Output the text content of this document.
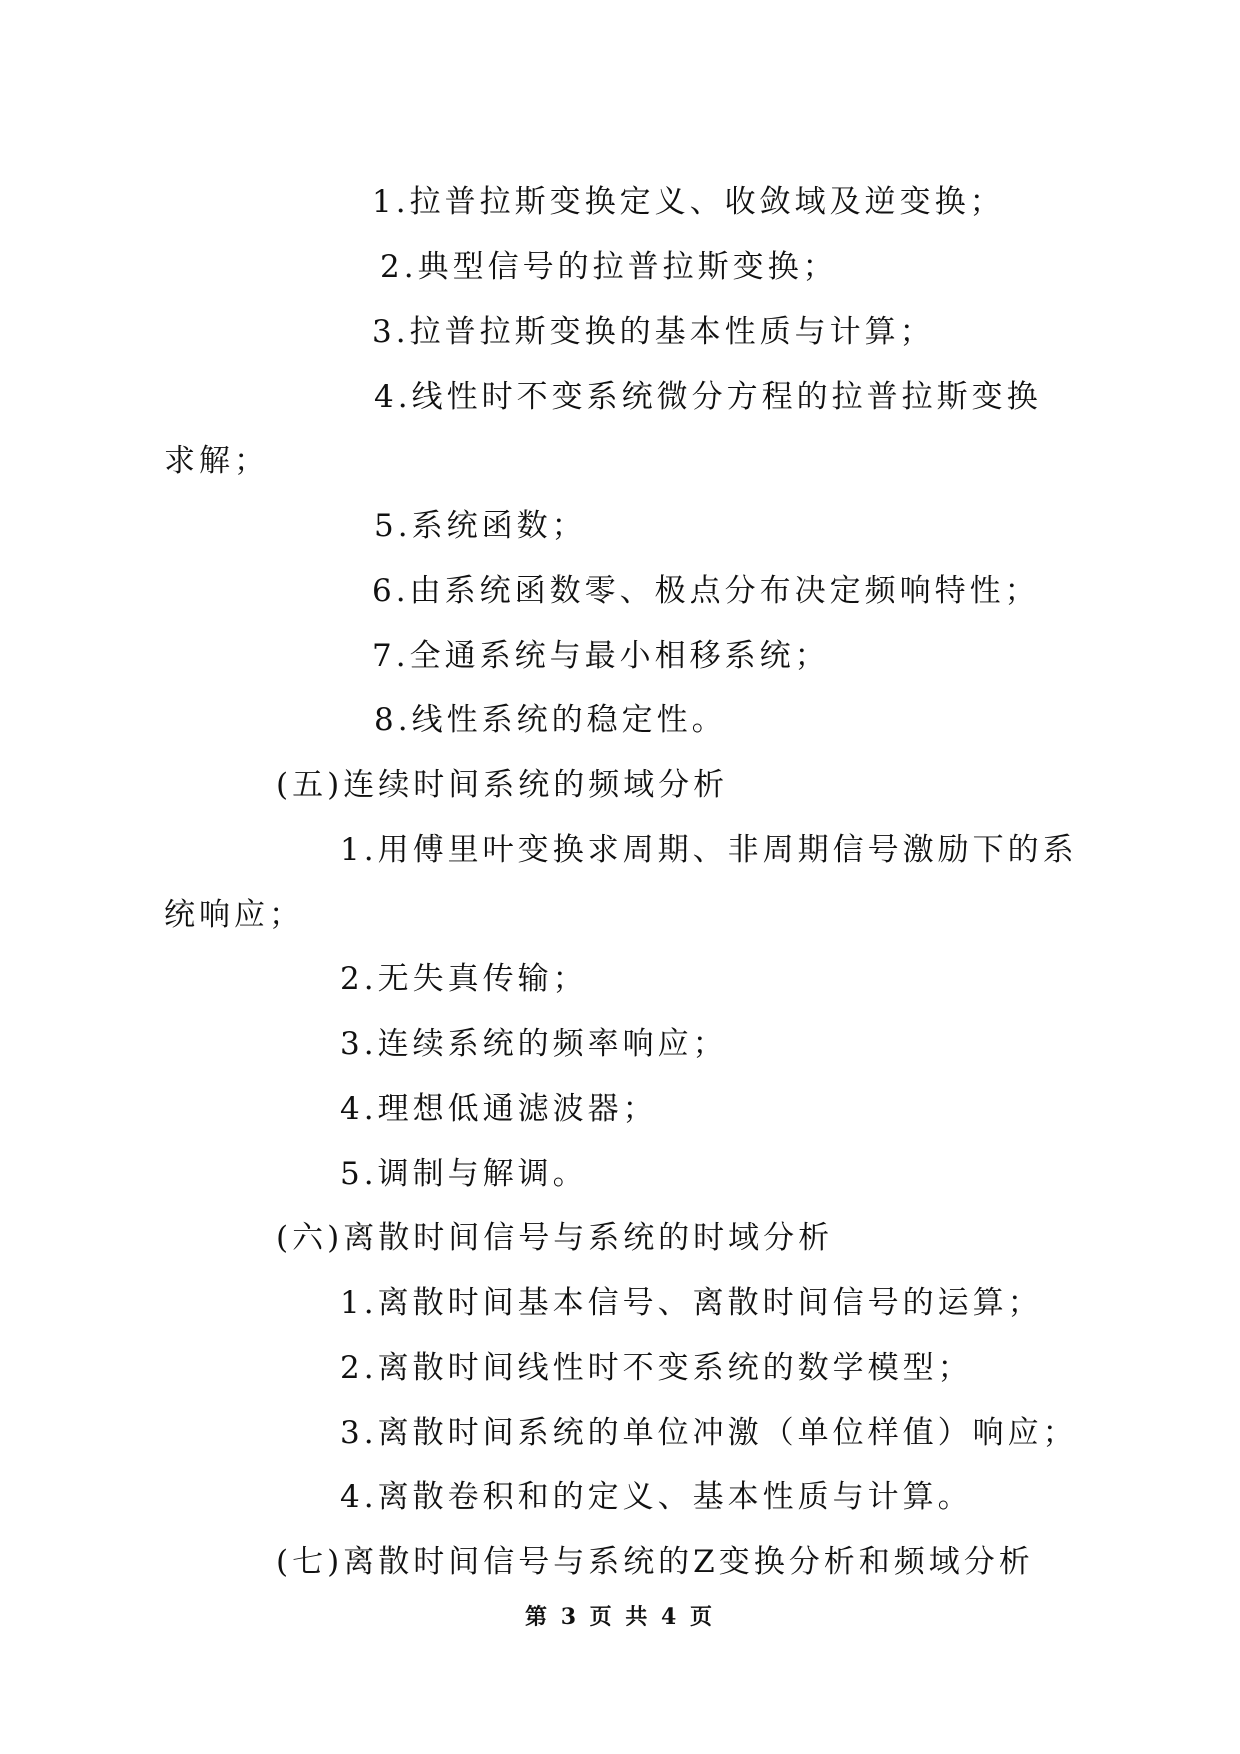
1.拉普拉斯变换定义、收敛域及逆变换；
2.典型信号的拉普拉斯变换；
3.拉普拉斯变换的基本性质与计算；
4.线性时不变系统微分方程的拉普拉斯变换
求解；
5.系统函数；
6.由系统函数零、极点分布决定频响特性；
7.全通系统与最小相移系统；
8.线性系统的稳定性。
(五)连续时间系统的频域分析
1.用傅里叶变换求周期、非周期信号激励下的系
统响应；
2.无失真传输；
3.连续系统的频率响应；
4.理想低通滤波器；
5.调制与解调。
(六)离散时间信号与系统的时域分析
1.离散时间基本信号、离散时间信号的运算；
2.离散时间线性时不变系统的数学模型；
3.离散时间系统的单位冲激（单位样值）响应；
4.离散卷积和的定义、基本性质与计算。
(七)离散时间信号与系统的Z变换分析和频域分析
第 3 页 共 4 页
